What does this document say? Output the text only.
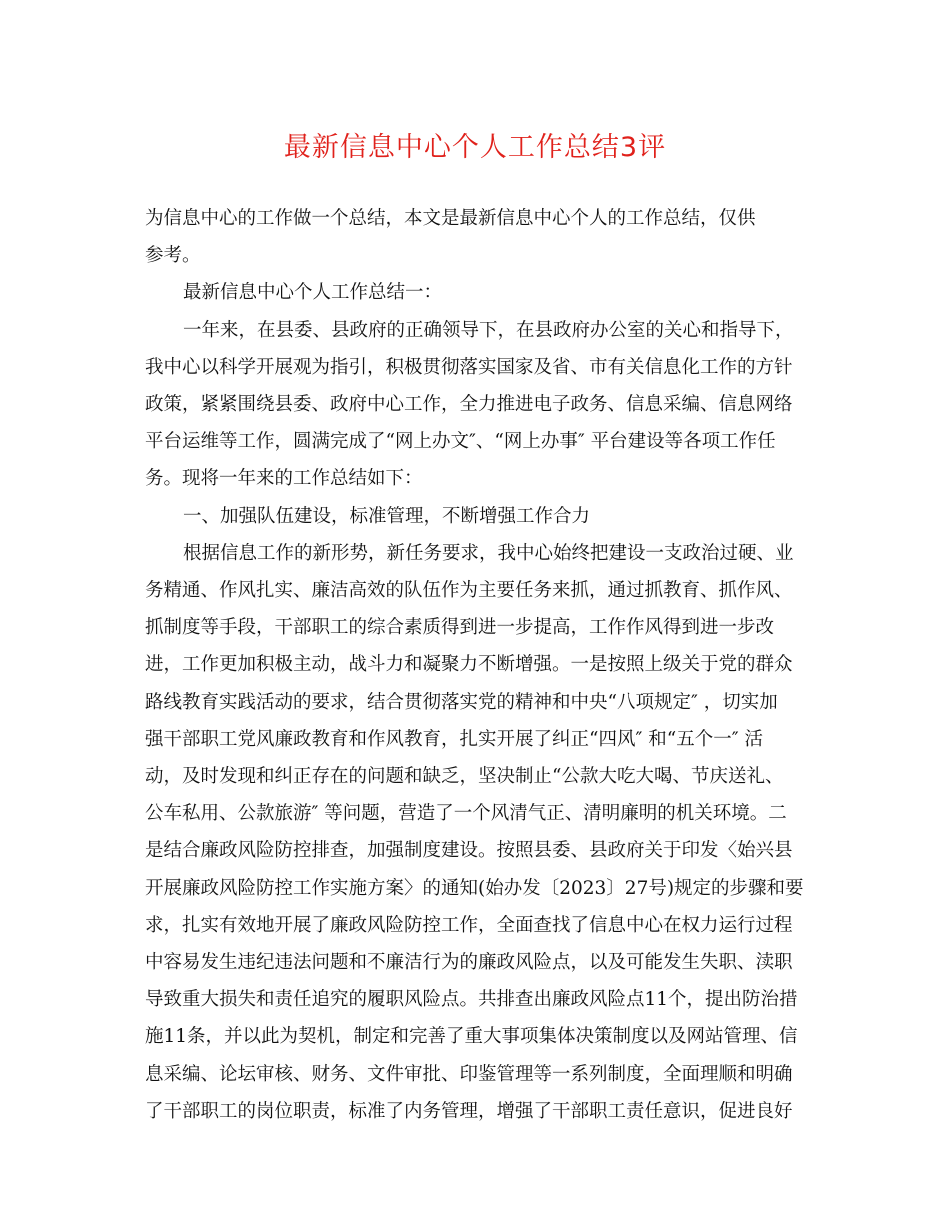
最新信息中心个人工作总结3评
为信息中心的工作做一个总结，本文是最新信息中心个人的工作总结，仅供
参考。
最新信息中心个人工作总结一：
一年来，在县委、县政府的正确领导下，在县政府办公室的关心和指导下，
我中心以科学开展观为指引，积极贯彻落实国家及省、市有关信息化工作的方针
政策，紧紧围绕县委、政府中心工作，全力推进电子政务、信息采编、信息网络
平台运维等工作，圆满完成了“网上办文″、“网上办事″ 平台建设等各项工作任
务。现将一年来的工作总结如下：
一、加强队伍建设，标准管理，不断增强工作合力
根据信息工作的新形势，新任务要求，我中心始终把建设一支政治过硬、业
务精通、作风扎实、廉洁高效的队伍作为主要任务来抓，通过抓教育、抓作风、
抓制度等手段，干部职工的综合素质得到进一步提高，工作作风得到进一步改
进，工作更加积极主动，战斗力和凝聚力不断增强。一是按照上级关于党的群众
路线教育实践活动的要求，结合贯彻落实党的精神和中央“八项规定″ ，切实加
强干部职工党风廉政教育和作风教育，扎实开展了纠正“四风″ 和“五个一″ 活
动，及时发现和纠正存在的问题和缺乏，坚决制止“公款大吃大喝、节庆送礼、
公车私用、公款旅游″ 等问题，营造了一个风清气正、清明廉明的机关环境。二
是结合廉政风险防控排查，加强制度建设。按照县委、县政府关于印发〈始兴县
开展廉政风险防控工作实施方案〉的通知(始办发〔2023〕27号)规定的步骤和要
求，扎实有效地开展了廉政风险防控工作，全面查找了信息中心在权力运行过程
中容易发生违纪违法问题和不廉洁行为的廉政风险点，以及可能发生失职、渎职
导致重大损失和责任追究的履职风险点。共排查出廉政风险点11个，提出防治措
施11条，并以此为契机，制定和完善了重大事项集体决策制度以及网站管理、信
息采编、论坛审核、财务、文件审批、印鉴管理等一系列制度，全面理顺和明确
了干部职工的岗位职责，标准了内务管理，增强了干部职工责任意识，促进良好
